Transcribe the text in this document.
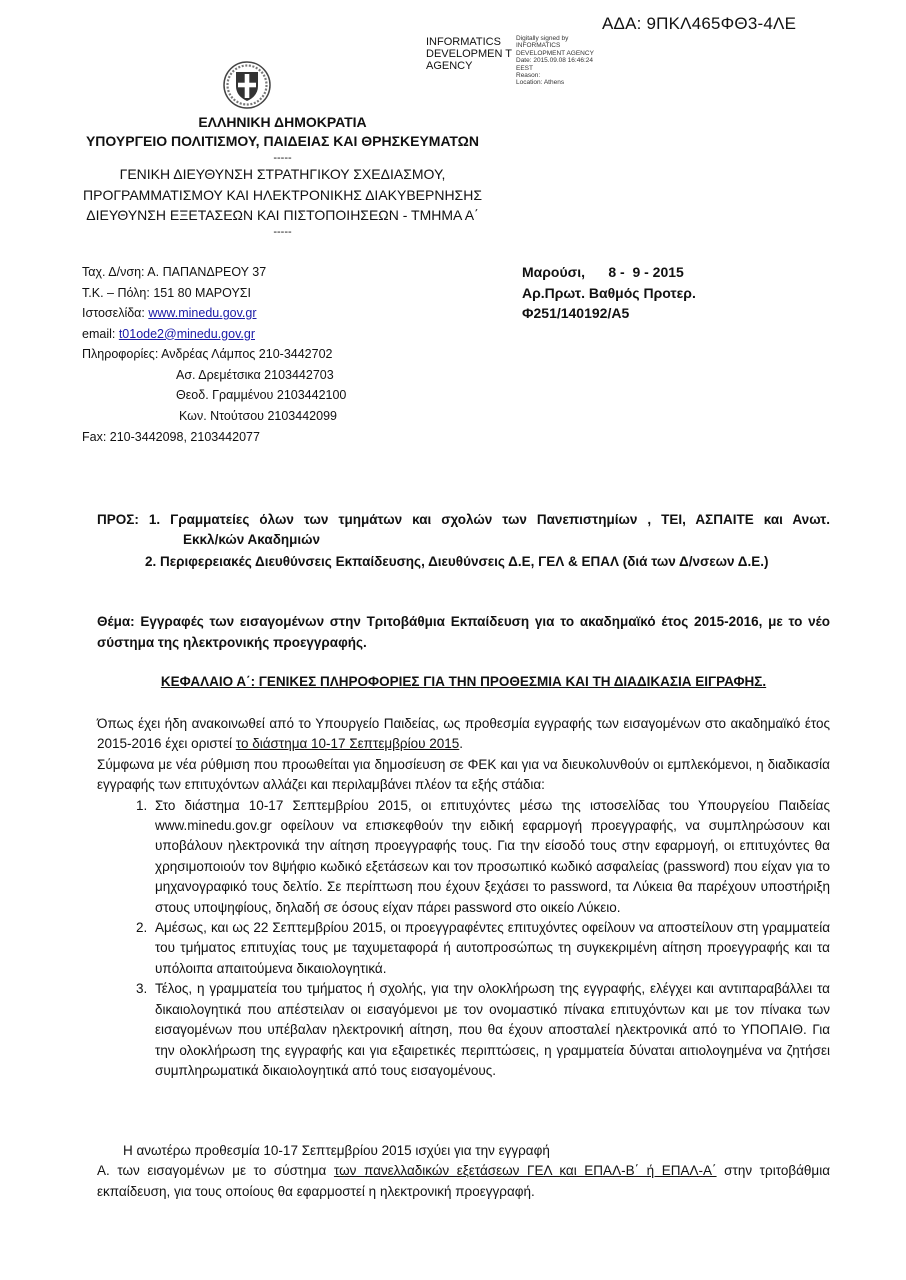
ΑΔΑ: 9ΠΚΛ465ΦΘ3-4ΛΕ
INFORMATICS DEVELOPMEN T AGENCY
Digitally signed by
INFORMATICS
DEVELOPMENT AGENCY
Date: 2015.09.08 16:46:24
EEST
Reason:
Location: Athens
ΕΛΛΗΝΙΚΗ ΔΗΜΟΚΡΑΤΙΑ
ΥΠΟΥΡΓΕΙΟ ΠΟΛΙΤΙΣΜΟΥ, ΠΑΙΔΕΙΑΣ ΚΑΙ ΘΡΗΣΚΕΥΜΑΤΩΝ
-----
ΓΕΝΙΚΗ ΔΙΕΥΘΥΝΣΗ ΣΤΡΑΤΗΓΙΚΟΥ ΣΧΕΔΙΑΣΜΟΥ,
ΠΡΟΓΡΑΜΜΑΤΙΣΜΟΥ ΚΑΙ ΗΛΕΚΤΡΟΝΙΚΗΣ ΔΙΑΚΥΒΕΡΝΗΣΗΣ
ΔΙΕΥΘΥΝΣΗ ΕΞΕΤΑΣΕΩΝ ΚΑΙ ΠΙΣΤΟΠΟΙΗΣΕΩΝ - ΤΜΗΜΑ Α΄
-----
Ταχ. Δ/νση: Α. ΠΑΠΑΝΔΡΕΟΥ 37
Τ.Κ. – Πόλη: 151 80 ΜΑΡΟΥΣΙ
Ιστοσελίδα: www.minedu.gov.gr
email: t01ode2@minedu.gov.gr
Πληροφορίες: Ανδρέας Λάμπος 210-3442702
Ασ. Δρεμέτσικα 2103442703
Θεοδ. Γραμμένου 2103442100
Κων. Ντούτσου 2103442099
Fax: 210-3442098, 2103442077
Μαρούσι,      8 -  9 - 2015
Αρ.Πρωτ. Βαθμός Προτερ.
Φ251/140192/Α5
ΠΡΟΣ: 1. Γραμματείες όλων των τμημάτων και σχολών των Πανεπιστημίων , ΤΕΙ, ΑΣΠΑΙΤΕ και Ανωτ.
Εκκλ/κών Ακαδημιών
2. Περιφερειακές Διευθύνσεις Εκπαίδευσης, Διευθύνσεις Δ.Ε, ΓΕΛ & ΕΠΑΛ (διά των Δ/νσεων Δ.Ε.)
Θέμα: Εγγραφές των εισαγομένων στην Τριτοβάθμια Εκπαίδευση για το ακαδημαϊκό έτος 2015-2016, με το νέο σύστημα της ηλεκτρονικής προεγγραφής.
ΚΕΦΑΛΑΙΟ Α΄: ΓΕΝΙΚΕΣ ΠΛΗΡΟΦΟΡΙΕΣ ΓΙΑ ΤΗΝ ΠΡΟΘΕΣΜΙΑ ΚΑΙ ΤΗ ΔΙΑΔΙΚΑΣΙΑ ΕΙΓΡΑΦΗΣ.

Όπως έχει ήδη ανακοινωθεί από το Υπουργείο Παιδείας, ως προθεσμία εγγραφής των εισαγομένων στο ακαδημαϊκό έτος 2015-2016 έχει οριστεί το διάστημα 10-17 Σεπτεμβρίου 2015.

Σύμφωνα με νέα ρύθμιση που προωθείται για δημοσίευση σε ΦΕΚ και για να διευκολυνθούν οι εμπλεκόμενοι, η διαδικασία εγγραφής των επιτυχόντων αλλάζει και περιλαμβάνει πλέον τα εξής στάδια:

1. Στο διάστημα 10-17 Σεπτεμβρίου 2015, οι επιτυχόντες μέσω της ιστοσελίδας του Υπουργείου Παιδείας www.minedu.gov.gr οφείλουν να επισκεφθούν την ειδική εφαρμογή προεγγραφής, να συμπληρώσουν και υποβάλουν ηλεκτρονικά την αίτηση προεγγραφής τους. Για την είσοδό τους στην εφαρμογή, οι επιτυχόντες θα χρησιμοποιούν τον 8ψήφιο κωδικό εξετάσεων και τον προσωπικό κωδικό ασφαλείας (password) που είχαν για το μηχανογραφικό τους δελτίο. Σε περίπτωση που έχουν ξεχάσει το password, τα Λύκεια θα παρέχουν υποστήριξη στους υποψηφίους, δηλαδή σε όσους είχαν πάρει password στο οικείο Λύκειο.
2. Αμέσως, και ως 22 Σεπτεμβρίου 2015, οι προεγγραφέντες επιτυχόντες οφείλουν να αποστείλουν στη γραμματεία του τμήματος επιτυχίας τους με ταχυμεταφορά ή αυτοπροσώπως τη συγκεκριμένη αίτηση προεγγραφής και τα υπόλοιπα απαιτούμενα δικαιολογητικά.
3. Τέλος, η γραμματεία του τμήματος ή σχολής, για την ολοκλήρωση της εγγραφής, ελέγχει και αντιπαραβάλλει τα δικαιολογητικά που απέστειλαν οι εισαγόμενοι με τον ονομαστικό πίνακα επιτυχόντων και με τον πίνακα των εισαγομένων που υπέβαλαν ηλεκτρονική αίτηση, που θα έχουν αποσταλεί ηλεκτρονικά από το ΥΠΟΠΑΙΘ. Για την ολοκλήρωση της εγγραφής και για εξαιρετικές περιπτώσεις, η γραμματεία δύναται αιτιολογημένα να ζητήσει συμπληρωματικά δικαιολογητικά από τους εισαγομένους.

Η ανωτέρω προθεσμία 10-17 Σεπτεμβρίου 2015 ισχύει για την εγγραφή

Α. των εισαγομένων με το σύστημα των πανελλαδικών εξετάσεων ΓΕΛ και ΕΠΑΛ-Β΄ ή ΕΠΑΛ-Α΄ στην τριτοβάθμια εκπαίδευση, για τους οποίους θα εφαρμοστεί η ηλεκτρονική προεγγραφή.
